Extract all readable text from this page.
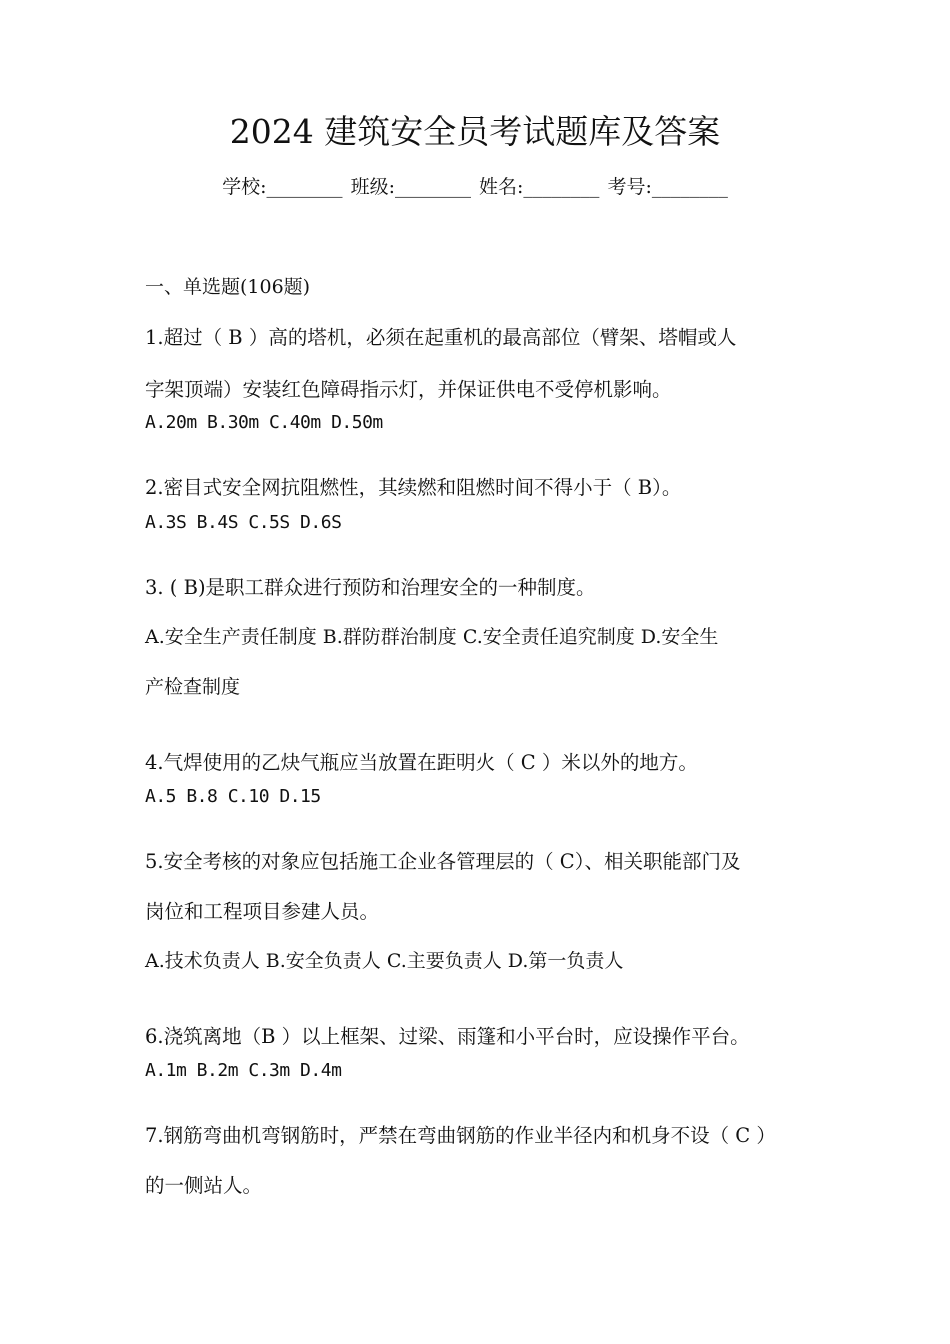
2024 建筑安全员考试题库及答案
学校:________ 班级:________ 姓名:________ 考号:________
一、单选题(106题)
1.超过（ B ）高的塔机，必须在起重机的最高部位（臂架、塔帽或人
字架顶端）安装红色障碍指示灯，并保证供电不受停机影响。
A.20m B.30m C.40m D.50m
2.密目式安全网抗阻燃性，其续燃和阻燃时间不得小于（ B）。
A.3S B.4S C.5S D.6S
3. ( B)是职工群众进行预防和治理安全的一种制度。
A.安全生产责任制度 B.群防群治制度 C.安全责任追究制度 D.安全生
产检查制度
4.气焊使用的乙炔气瓶应当放置在距明火（ C ）米以外的地方。
A.5 B.8 C.10 D.15
5.安全考核的对象应包括施工企业各管理层的（ C）、相关职能部门及
岗位和工程项目参建人员。
A.技术负责人 B.安全负责人 C.主要负责人 D.第一负责人
6.浇筑离地（B ）以上框架、过梁、雨篷和小平台时，应设操作平台。
A.1m B.2m C.3m D.4m
7.钢筋弯曲机弯钢筋时，严禁在弯曲钢筋的作业半径内和机身不设（ C ）
的一侧站人。
